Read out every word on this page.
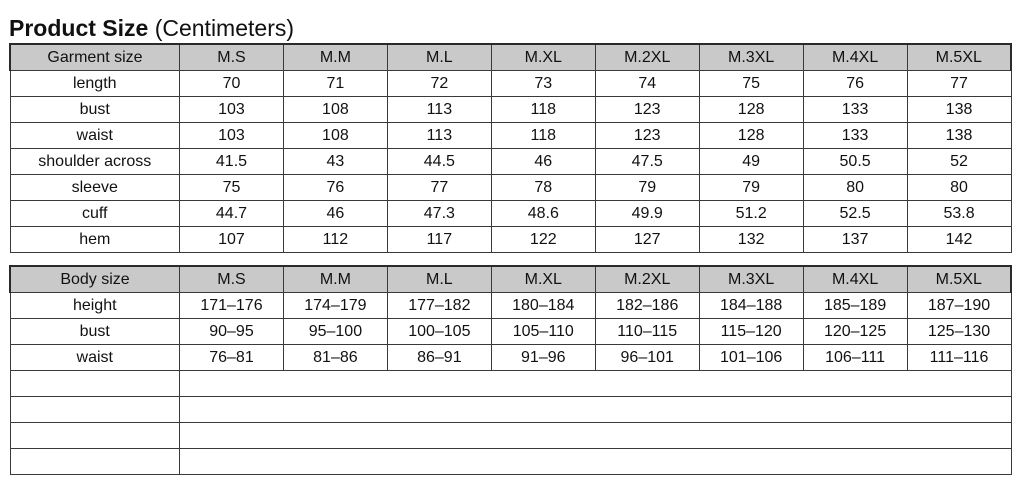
Product Size (Centimeters)
Garment size	M.S	M.M	M.L	M.XL	M.2XL	M.3XL	M.4XL	M.5XL
length	70	71	72	73	74	75	76	77
bust	103	108	113	118	123	128	133	138
waist	103	108	113	118	123	128	133	138
shoulder across	41.5	43	44.5	46	47.5	49	50.5	52
sleeve	75	76	77	78	79	79	80	80
cuff	44.7	46	47.3	48.6	49.9	51.2	52.5	53.8
hem	107	112	117	122	127	132	137	142
Body size	M.S	M.M	M.L	M.XL	M.2XL	M.3XL	M.4XL	M.5XL
height	171–176	174–179	177–182	180–184	182–186	184–188	185–189	187–190
bust	90–95	95–100	100–105	105–110	110–115	115–120	120–125	125–130
waist	76–81	81–86	86–91	91–96	96–101	101–106	106–111	111–116
